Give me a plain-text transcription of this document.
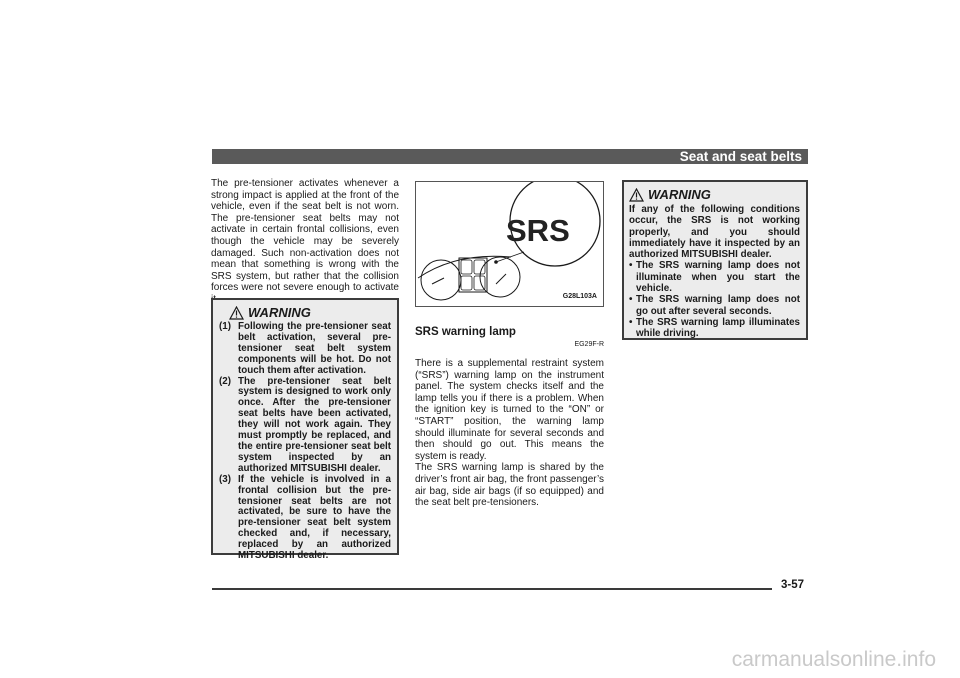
Seat and seat belts

The pre-tensioner activates whenever a strong impact is applied at the front of the vehicle, even if the seat belt is not worn. The pre-tensioner seat belts may not activate in certain frontal collisions, even though the vehicle may be severely damaged. Such non-activation does not mean that something is wrong with the SRS system, but rather that the collision forces were not severe enough to activate

WARNING
(1) Following the pre-tensioner seat belt activation, several pre-tensioner seat belt system components will be hot. Do not touch them after activation.
(2) The pre-tensioner seat belt system is designed to work only once. After the pre-tensioner seat belts have been activated, they will not work again. They must promptly be replaced, and the entire pre-tensioner seat belt system inspected by an authorized MITSUBISHI dealer.
(3) If the vehicle is involved in a frontal collision but the pre-tensioner seat belts are not activated, be sure to have the pre-tensioner seat belt system checked and, if necessary, replaced by an authorized MITSUBISHI dealer.
G28L103A
SRS
SRS warning lamp
EG29F-R
There is a supplemental restraint system (“SRS”) warning lamp on the instrument panel. The system checks itself and the lamp tells you if there is a problem. When the ignition key is turned to the “ON” or “START” position, the warning lamp should illuminate for several seconds and then should go out. This means the system is ready.
The SRS warning lamp is shared by the driver’s front air bag, the front passenger’s air bag, side air bags (if so equipped) and the seat belt pre-tensioners.
WARNING

If any of the following conditions occur, the SRS is not working properly, and you should immediately have it inspected by an authorized MITSUBISHI dealer.

• The SRS warning lamp does not illuminate when you start the vehicle.
• The SRS warning lamp does not go out after several seconds.
• The SRS warning lamp illuminates while driving.
3-57
carmanualsonline.info
